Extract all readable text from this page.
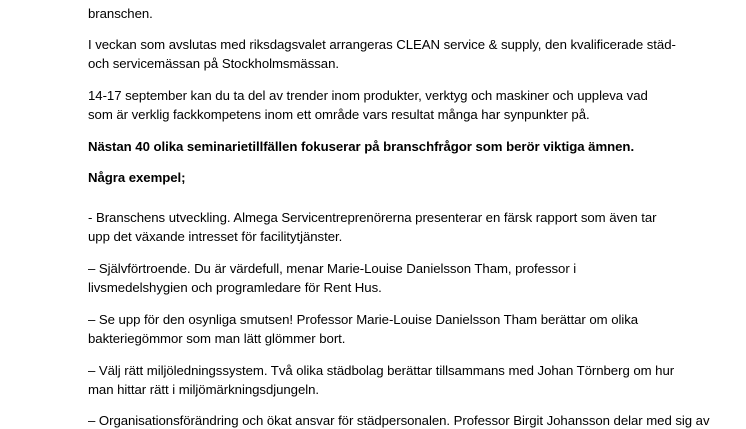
branschen.
I veckan som avslutas med riksdagsvalet arrangeras CLEAN service & supply, den kvalificerade städ-
och servicemässan på Stockholmsmässan.
14-17 september kan du ta del av trender inom produkter, verktyg och maskiner och uppleva vad
som är verklig fackkompetens inom ett område vars resultat många har synpunkter på.
Nästan 40 olika seminarietillfällen fokuserar på branschfrågor som berör viktiga ämnen.
Några exempel;
- Branschens utveckling. Almega Servicentreprenörerna presenterar en färsk rapport som även tar
upp det växande intresset för facilitytjänster.
– Självförtroende. Du är värdefull, menar Marie-Louise Danielsson Tham, professor i
livsmedelshygien och programledare för Rent Hus.
– Se upp för den osynliga smutsen! Professor Marie-Louise Danielsson Tham berättar om olika
bakteriegömmor som man lätt glömmer bort.
– Välj rätt miljöledningssystem. Två olika städbolag berättar tillsammans med Johan Törnberg om hur
man hittar rätt i miljömärkningsdjungeln.
– Organisationsförändring och ökat ansvar för städpersonalen. Professor Birgit Johansson delar med sig av
